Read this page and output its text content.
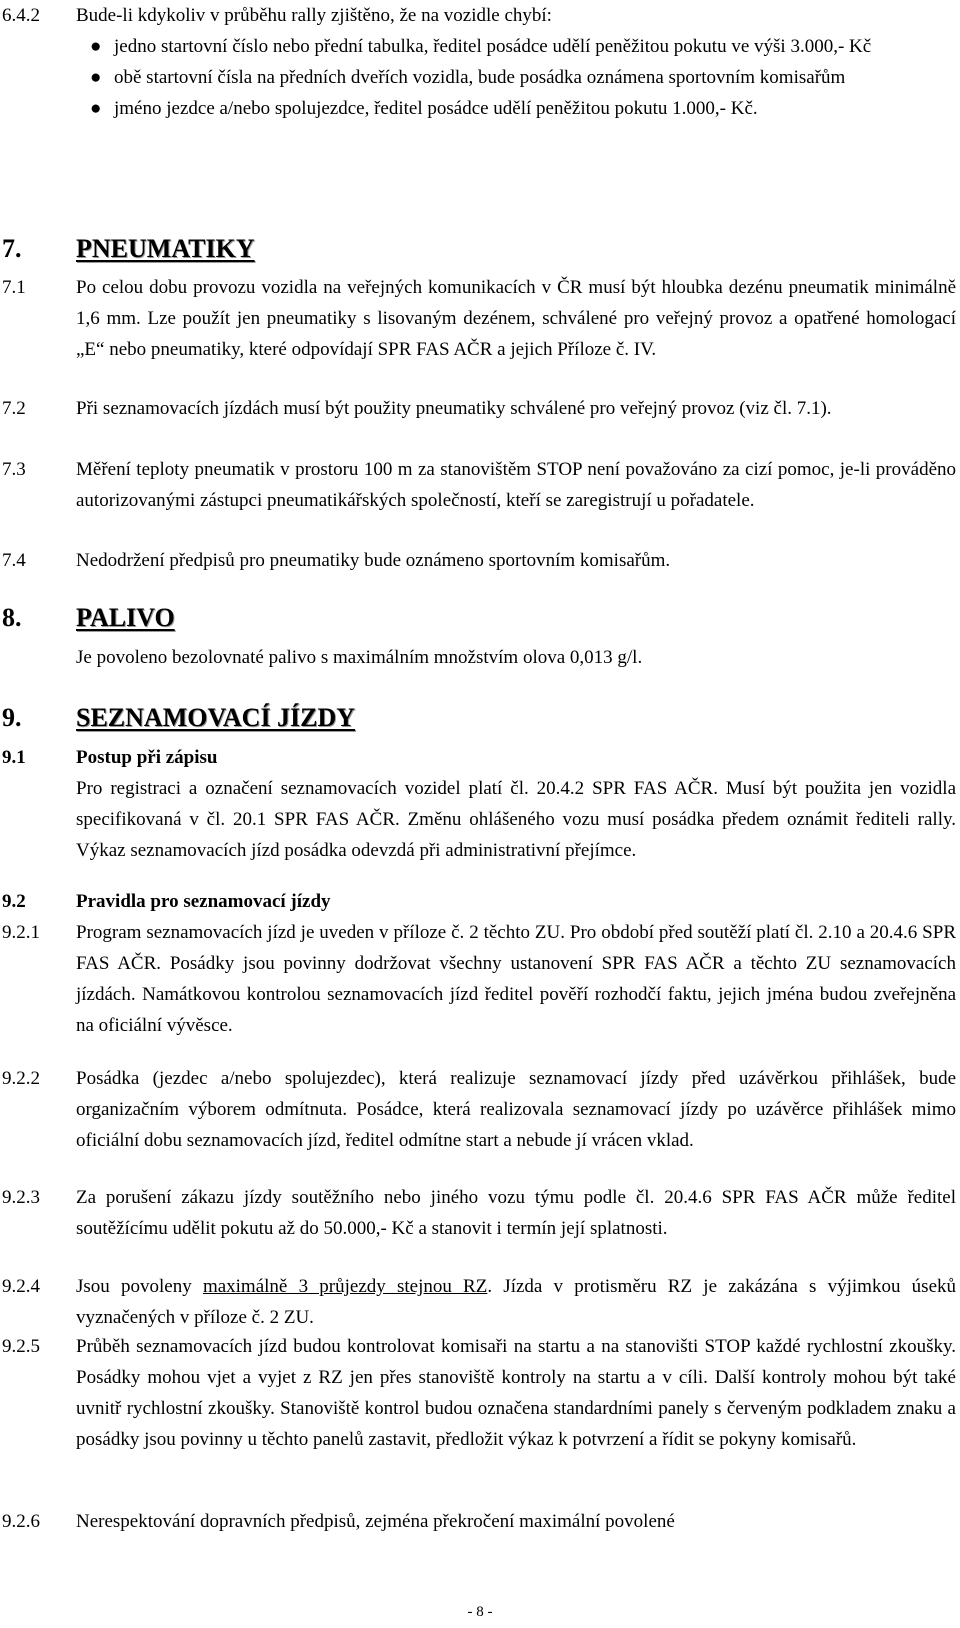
6.4.2 Bude-li kdykoliv v průběhu rally zjištěno, že na vozidle chybí:
● jedno startovní číslo nebo přední tabulka, ředitel posádce udělí peněžitou pokutu ve výši 3.000,- Kč
● obě startovní čísla na předních dveřích vozidla, bude posádka oznámena sportovním komisařům
● jméno jezdce a/nebo spolujezdce, ředitel posádce udělí peněžitou pokutu 1.000,- Kč.
7. PNEUMATIKY
7.1	Po celou dobu provozu vozidla na veřejných komunikacích v ČR musí být hloubka dezénu pneumatik minimálně 1,6 mm. Lze použít jen pneumatiky s lisovaným dezénem, schválené pro veřejný provoz a opatřené homologací „E“ nebo pneumatiky, které odpovídají SPR FAS AČR a jejich Příloze č. IV.
7.2	Při seznamovacích jízdách musí být použity pneumatiky schválené pro veřejný provoz (viz čl. 7.1).
7.3	Měření teploty pneumatik v prostoru 100 m za stanovištěm STOP není považováno za cizí pomoc, je-li prováděno autorizovanými zástupci pneumatikářských společností, kteří se zaregistrují u pořadatele.
7.4	Nedodržení předpisů pro pneumatiky bude oznámeno sportovním komisařům.
8. PALIVO
Je povoleno bezolovnaté palivo s maximálním množstvím olova 0,013 g/l.
9. SEZNAMOVACÍ JÍZDY
9.1	Postup při zápisu
Pro registraci a označení seznamovacích vozidel platí čl. 20.4.2 SPR FAS AČR. Musí být použita jen vozidla specifikovaná v čl. 20.1 SPR FAS AČR. Změnu ohlášeného vozu musí posádka předem oznámit řediteli rally. Výkaz seznamovacích jízd posádka odevzdá při administrativní přejímce.
9.2	Pravidla pro seznamovací jízdy
9.2.1 Program seznamovacích jízd je uveden v příloze č. 2 těchto ZU. Pro období před soutěží platí čl. 2.10 a 20.4.6 SPR FAS AČR. Posádky jsou povinny dodržovat všechny ustanovení SPR FAS AČR a těchto ZU seznamovacích jízdách. Namátkovou kontrolou seznamovacích jízd ředitel pověří rozhodčí faktu, jejich jména budou zveřejněna na oficiální vývěsce.
9.2.2 Posádka (jezdec a/nebo spolujezdec), která realizuje seznamovací jízdy před uzávěrkou přihlášek, bude organizačním výborem odmítnuta. Posádce, která realizovala seznamovací jízdy po uzávěrce přihlášek mimo oficiální dobu seznamovacích jízd, ředitel odmítne start a nebude jí vrácen vklad.
9.2.3 Za porušení zákazu jízdy soutěžního nebo jiného vozu týmu podle čl. 20.4.6 SPR FAS AČR může ředitel soutěžícímu udělit pokutu až do 50.000,- Kč a stanovit i termín její splatnosti.
9.2.4 Jsou povoleny maximálně 3 průjezdy stejnou RZ. Jízda v protisměru RZ je zakázána s výjimkou úseků vyznačených v příloze č. 2 ZU.
9.2.5 Průběh seznamovacích jízd budou kontrolovat komisaři na startu a na stanovišti STOP každé rychlostní zkoušky. Posádky mohou vjet a vyjet z RZ jen přes stanoviště kontroly na startu a v cíli. Další kontroly mohou být také uvnitř rychlostní zkoušky. Stanoviště kontrol budou označena standardními panely s červeným podkladem znaku a posádky jsou povinny u těchto panelů zastavit, předložit výkaz k potvrzení a řídit se pokyny komisařů.
9.2.6 Nerespektování dopravních předpisů, zejména překročení maximální povolené
- 8 -
